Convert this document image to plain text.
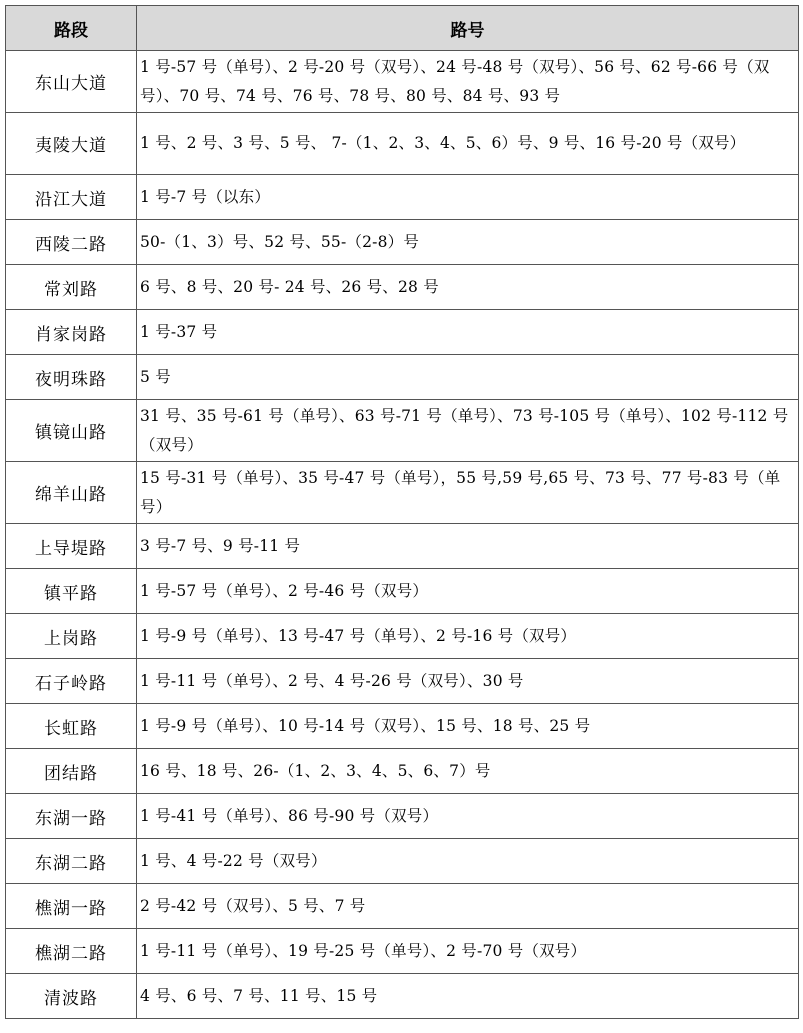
路段	路号
东山大道	1 号-57 号（单号）、2 号-20 号（双号）、24 号-48 号（双号）、56 号、62 号-66 号（双号）、70 号、74 号、76 号、78 号、80 号、84 号、93 号
夷陵大道	1 号、2 号、3 号、5 号、 7-（1、2、3、4、5、6）号、9 号、16 号-20 号（双号）
沿江大道	1 号-7 号（以东）
西陵二路	50-（1、3）号、52 号、55-（2-8）号
常刘路	6 号、8 号、20 号- 24 号、26 号、28 号
肖家岗路	1 号-37 号
夜明珠路	5 号
镇镜山路	31 号、35 号-61 号（单号）、63 号-71 号（单号）、73 号-105 号（单号）、102 号-112 号（双号）
绵羊山路	15 号-31 号（单号）、35 号-47 号（单号），55 号,59 号,65 号、73 号、77 号-83 号（单号）
上导堤路	3 号-7 号、9 号-11 号
镇平路	1 号-57 号（单号）、2 号-46 号（双号）
上岗路	1 号-9 号（单号）、13 号-47 号（单号）、2 号-16 号（双号）
石子岭路	1 号-11 号（单号）、2 号、4 号-26 号（双号）、30 号
长虹路	1 号-9 号（单号）、10 号-14 号（双号）、15 号、18 号、25 号
团结路	16 号、18 号、26-（1、2、3、4、5、6、7）号
东湖一路	1 号-41 号（单号）、86 号-90 号（双号）
东湖二路	1 号、4 号-22 号（双号）
樵湖一路	2 号-42 号（双号）、5 号、7 号
樵湖二路	1 号-11 号（单号）、19 号-25 号（单号）、2 号-70 号（双号）
清波路	4 号、6 号、7 号、11 号、15 号
